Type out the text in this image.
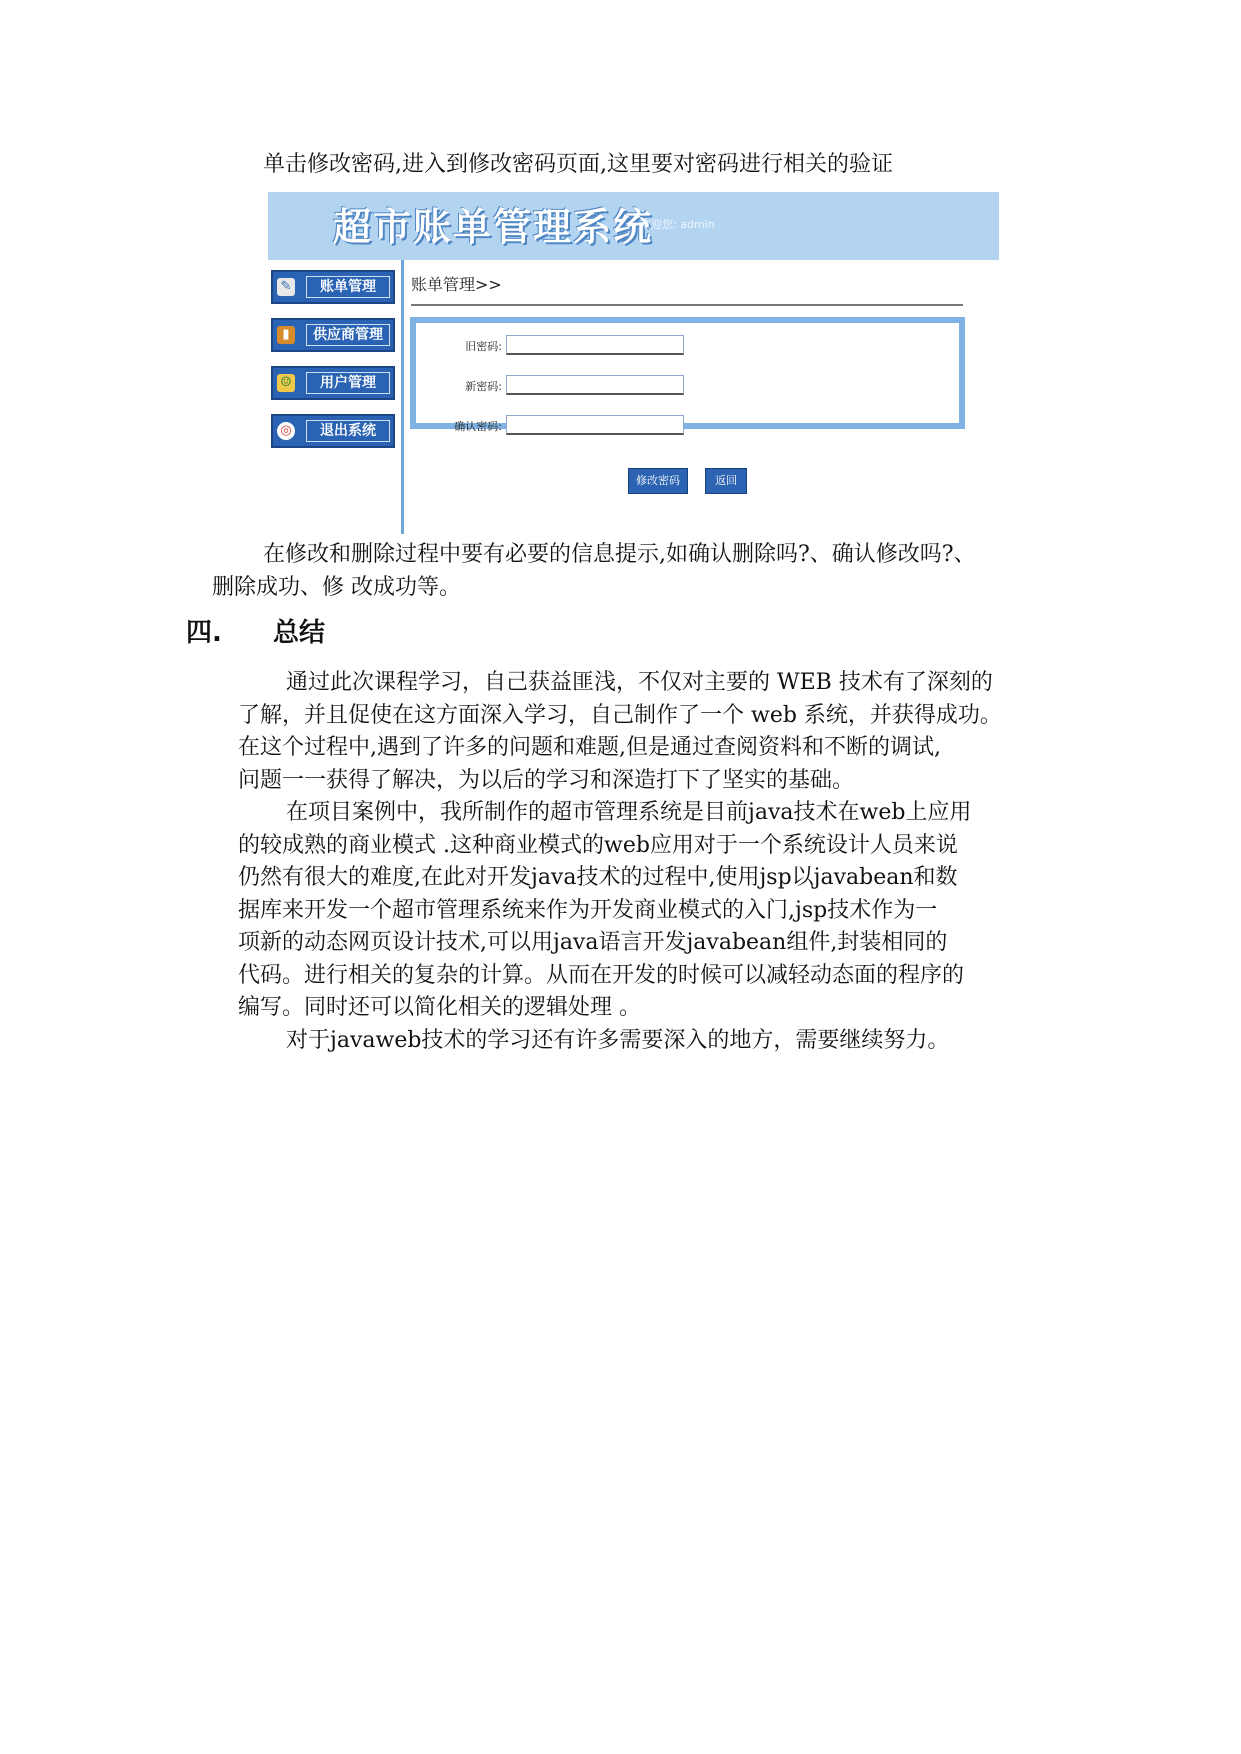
单击修改密码,进入到修改密码页面,这里要对密码进行相关的验证
超市账单管理系统
欢迎您: admin
✎	账单管理
▮	供应商管理
☺	用户管理
◎	退出系统
账单管理>>
旧密码:
新密码:
确认密码:
修改密码	返回
在修改和删除过程中要有必要的信息提示,如确认删除吗?、确认修改吗?、
删除成功、修 改成功等。
四. 总结
通过此次课程学习，自己获益匪浅，不仅对主要的 WEB 技术有了深刻的
了解，并且促使在这方面深入学习，自己制作了一个 web 系统，并获得成功。
在这个过程中,遇到了许多的问题和难题,但是通过查阅资料和不断的调试,
问题一一获得了解决，为以后的学习和深造打下了坚实的基础。
在项目案例中，我所制作的超市管理系统是目前java技术在web上应用
的较成熟的商业模式 .这种商业模式的web应用对于一个系统设计人员来说
仍然有很大的难度,在此对开发java技术的过程中,使用jsp以javabean和数
据库来开发一个超市管理系统来作为开发商业模式的入门,jsp技术作为一
项新的动态网页设计技术,可以用java语言开发javabean组件,封装相同的
代码。进行相关的复杂的计算。从而在开发的时候可以减轻动态面的程序的
编写。同时还可以简化相关的逻辑处理 。
对于javaweb技术的学习还有许多需要深入的地方，需要继续努力。
